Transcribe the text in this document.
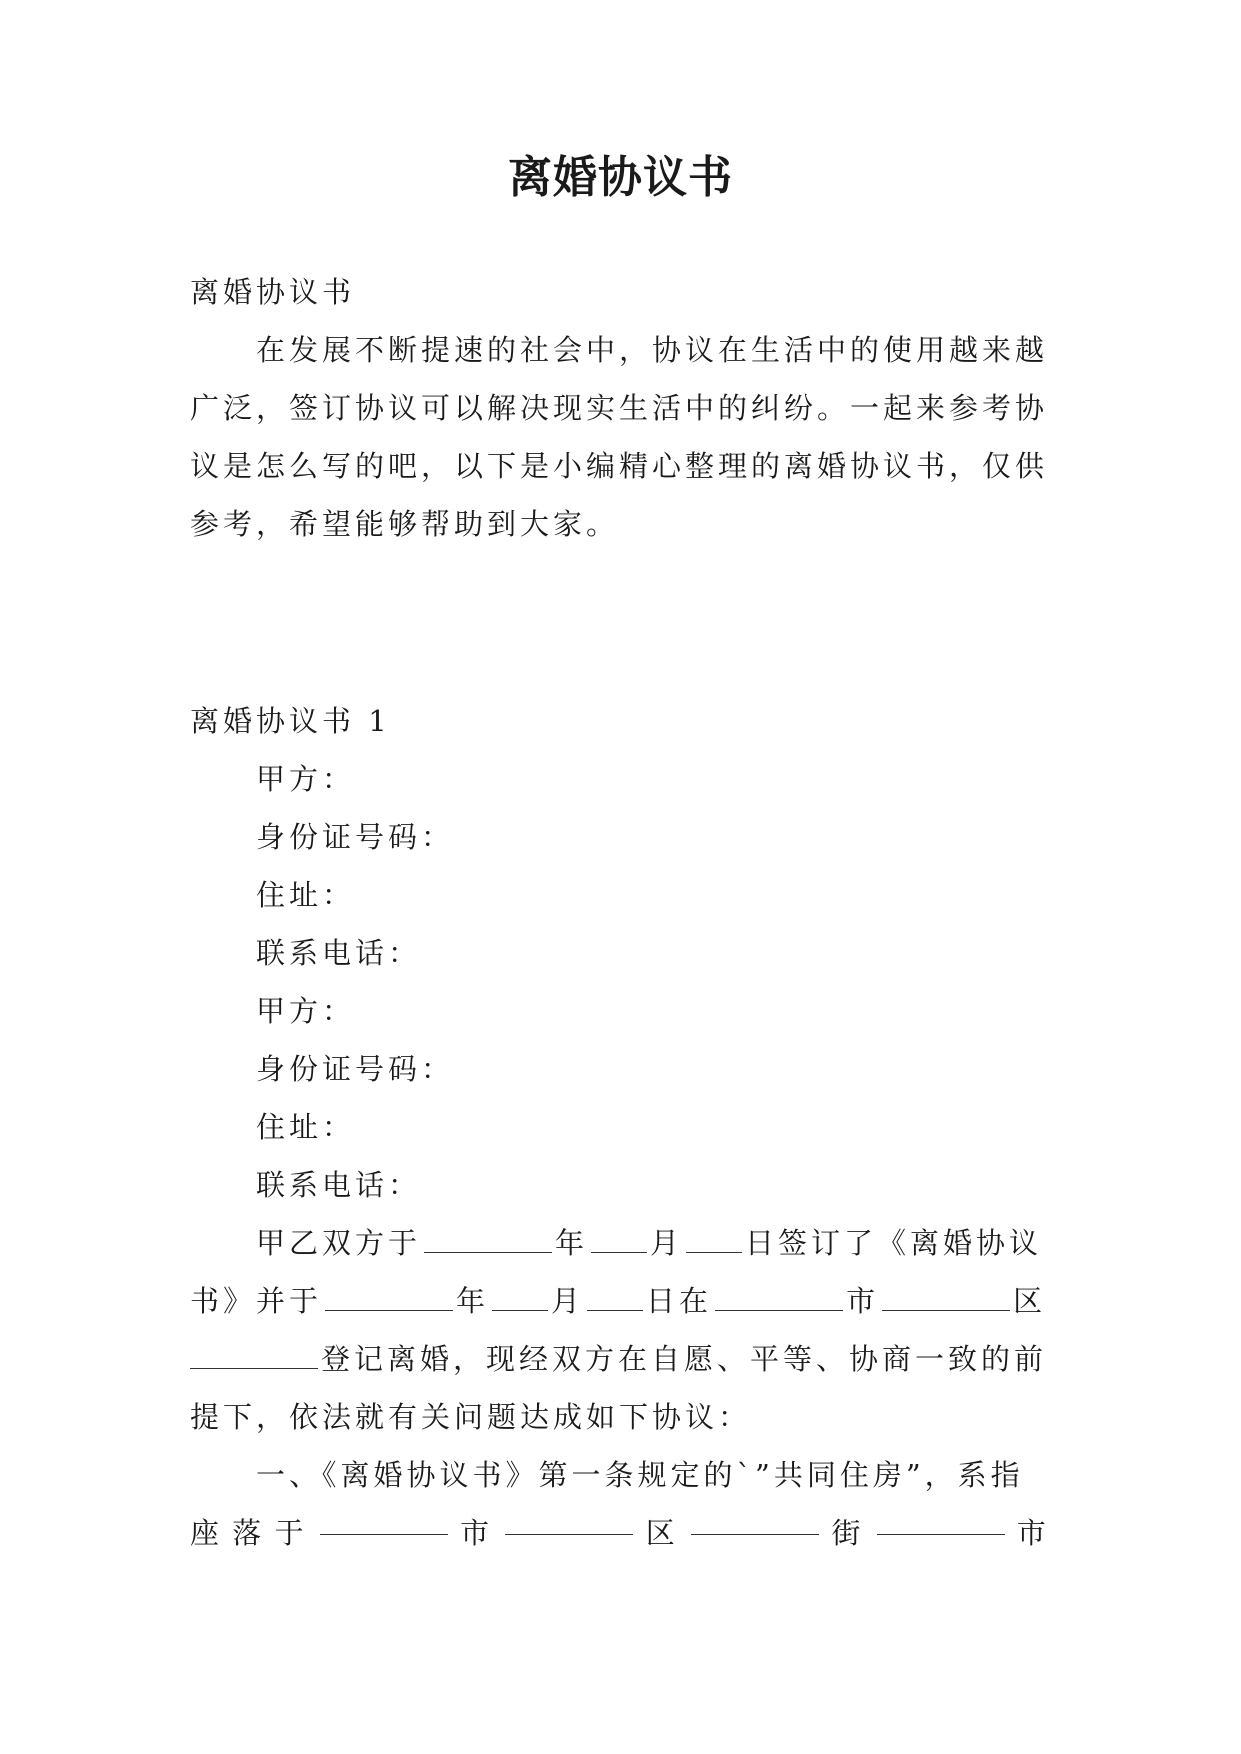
离婚协议书
离婚协议书
在发展不断提速的社会中，协议在生活中的使用越来越
广泛，签订协议可以解决现实生活中的纠纷。一起来参考协
议是怎么写的吧，以下是小编精心整理的离婚协议书，仅供
参考，希望能够帮助到大家。
离婚协议书 1
甲方：
身份证号码：
住址：
联系电话：
甲方：
身份证号码：
住址：
联系电话：
甲乙双方于	年 月 日签订了《离婚协议
书》并于	年 月 日在	市	区
登记离婚，现经双方在自愿、平等、协商一致的前
提下，依法就有关问题达成如下协议：
一、《离婚协议书》第一条规定的`”共同住房”，系指
座 落 于	市	区	街	市
